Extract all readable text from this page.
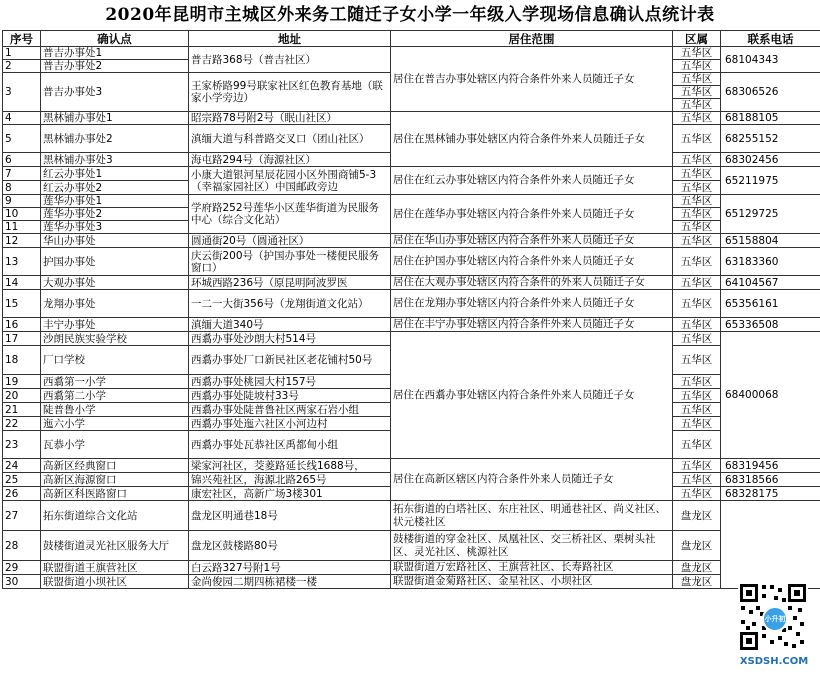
2020年昆明市主城区外来务工随迁子女小学一年级入学现场信息确认点统计表
序号	确认点	地址	居住范围	区属	联系电话
1	普吉办事处1	普吉路368号（普吉社区）	居住在普吉办事处辖区内符合条件外来人员随迁子女	五华区	68104343
2	普吉办事处2			五华区	
3	普吉办事处3	王家桥路99号联家社区红色教育基地（联家小学旁边）		五华区	68306526
				五华区	
				五华区	
4	黑林铺办事处1	昭宗路78号附2号（眠山社区）	居住在黑林铺办事处辖区内符合条件外来人员随迁子女	五华区	68188105
5	黑林铺办事处2	滇缅大道与科普路交叉口（团山社区）		五华区	68255152
6	黑林铺办事处3	海屯路294号（海源社区）		五华区	68302456
7	红云办事处1	小康大道银河星辰花园小区外围商铺5-3（幸福家园社区）中国邮政旁边	居住在红云办事处辖区内符合条件外来人员随迁子女	五华区	65211975
8	红云办事处2			五华区	
9	莲华办事处1	学府路252号莲华小区莲华街道为民服务中心（综合文化站）	居住在莲华办事处辖区内符合条件外来人员随迁子女	五华区	65129725
10	莲华办事处2			五华区	
11	莲华办事处3			五华区	
12	华山办事处	圆通街20号（圆通社区）	居住在华山办事处辖区内符合条件外来人员随迁子女	五华区	65158804
13	护国办事处	庆云街200号（护国办事处一楼便民服务窗口）	居住在护国办事处辖区内符合条件外来人员随迁子女	五华区	63183360
14	大观办事处	环城西路236号（原昆明阿波罗医	居住在大观办事处辖区内符合条件的外来人员随迁子女	五华区	64104567
15	龙翔办事处	一二一大街356号（龙翔街道文化站）	居住在龙翔办事处辖区内符合条件外来人员随迁子女	五华区	65356161
16	丰宁办事处	滇缅大道340号	居住在丰宁办事处辖区内符合条件外来人员随迁子女	五华区	65336508
17	沙朗民族实验学校	西翥办事处沙朗大村514号	居住在西翥办事处辖区内符合条件外来人员随迁子女	五华区	68400068
18	厂口学校	西翥办事处厂口新民社区老花铺村50号		五华区	
19	西翥第一小学	西翥办事处桃园大村157号		五华区	
20	西翥第二小学	西翥办事处陡坡村33号		五华区	
21	陡普鲁小学	西翥办事处陡普鲁社区两家石岩小组		五华区	
22	迤六小学	西翥办事处迤六社区小河边村		五华区	
23	瓦恭小学	西翥办事处瓦恭社区禹都甸小组		五华区	
24	高新区经典窗口	梁家河社区，茭菱路延长线1688号，	居住在高新区辖区内符合条件外来人员随迁子女	五华区	68319456
25	高新区海源窗口	锦兴苑社区，海源北路265号		五华区	68318566
26	高新区科医路窗口	康宏社区，高新广场3楼301		五华区	68328175
27	拓东街道综合文化站	盘龙区明通巷18号	拓东街道的白塔社区、东庄社区、明通巷社区、尚义社区、状元楼社区	盘龙区	
28	鼓楼街道灵光社区服务大厅	盘龙区鼓楼路80号	鼓楼街道的穿金社区、凤凰社区、交三桥社区、栗树头社区、灵光社区、桃源社区	盘龙区	
29	联盟街道王旗营社区	白云路327号附1号	联盟街道万宏路社区、王旗营社区、长寿路社区	盘龙区	
30	联盟街道小坝社区	金尚俊园二期四栋裙楼一楼	联盟街道金菊路社区、金星社区、小坝社区	盘龙区	
小升初
XSDSH.COM
